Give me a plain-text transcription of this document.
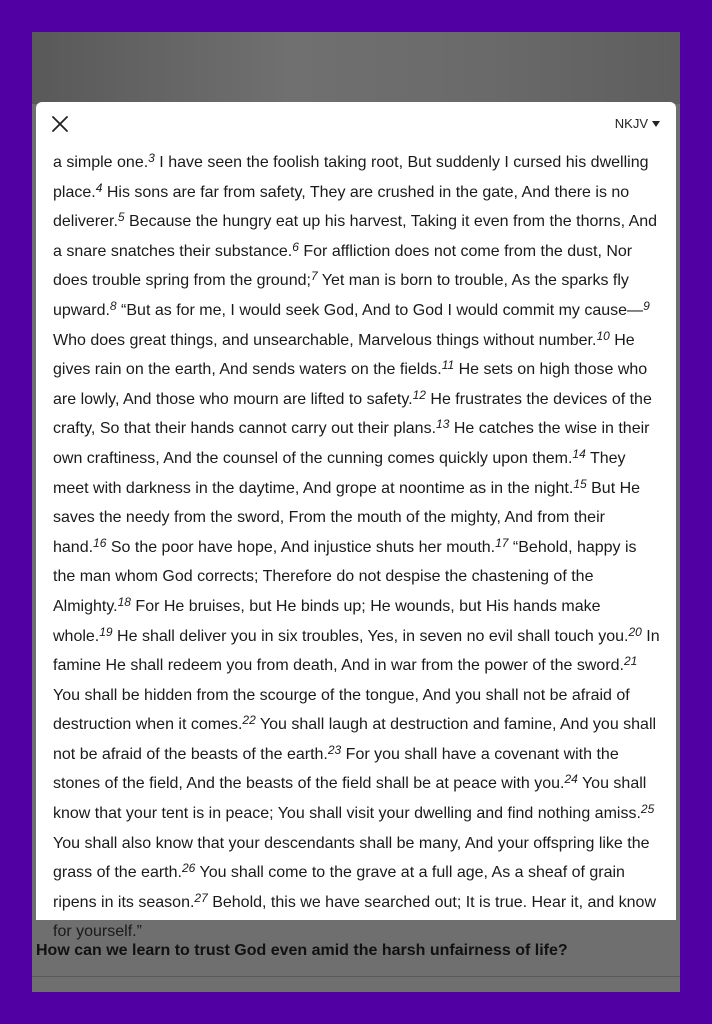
How can we learn to trust God even amid the harsh unfairness of life?
NKJV

a simple one.$^3$ I have seen the foolish taking root, But suddenly I cursed his dwelling place.$^4$ His sons are far from safety, They are crushed in the gate, And there is no deliverer.$^5$ Because the hungry eat up his harvest, Taking it even from the thorns, And a snare snatches their substance.$^6$ For affliction does not come from the dust, Nor does trouble spring from the ground;$^7$ Yet man is born to trouble, As the sparks fly upward.$^8$ “But as for me, I would seek God, And to God I would commit my cause—$^9$ Who does great things, and unsearchable, Marvelous things without number.$^{10}$ He gives rain on the earth, And sends waters on the fields.$^{11}$ He sets on high those who are lowly, And those who mourn are lifted to safety.$^{12}$ He frustrates the devices of the crafty, So that their hands cannot carry out their plans.$^{13}$ He catches the wise in their own craftiness, And the counsel of the cunning comes quickly upon them.$^{14}$ They meet with darkness in the daytime, And grope at noontime as in the night.$^{15}$ But He saves the needy from the sword, From the mouth of the mighty, And from their hand.$^{16}$ So the poor have hope, And injustice shuts her mouth.$^{17}$ “Behold, happy is the man whom God corrects; Therefore do not despise the chastening of the Almighty.$^{18}$ For He bruises, but He binds up; He wounds, but His hands make whole.$^{19}$ He shall deliver you in six troubles, Yes, in seven no evil shall touch you.$^{20}$ In famine He shall redeem you from death, And in war from the power of the sword.$^{21}$ You shall be hidden from the scourge of the tongue, And you shall not be afraid of destruction when it comes.$^{22}$ You shall laugh at destruction and famine, And you shall not be afraid of the beasts of the earth.$^{23}$ For you shall have a covenant with the stones of the field, And the beasts of the field shall be at peace with you.$^{24}$ You shall know that your tent is in peace; You shall visit your dwelling and find nothing amiss.$^{25}$ You shall also know that your descendants shall be many, And your offspring like the grass of the earth.$^{26}$ You shall come to the grave at a full age, As a sheaf of grain ripens in its season.$^{27}$ Behold, this we have searched out; It is true. Hear it, and know for yourself.”
